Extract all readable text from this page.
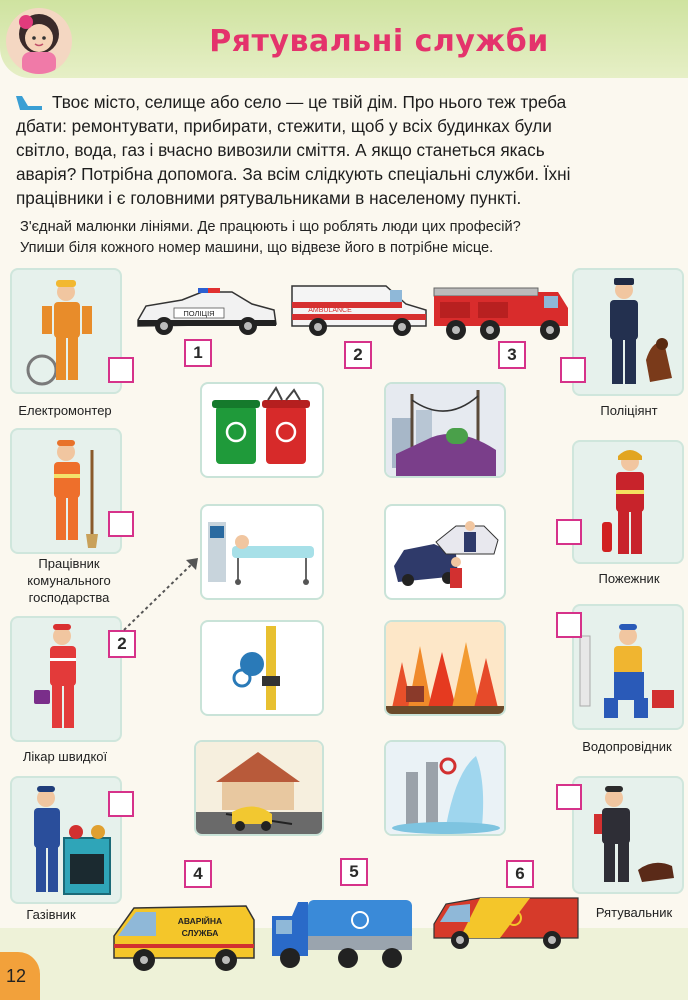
Рятувальні служби
Твоє місто, селище або село — це твій дім. Про нього теж треба
дбати: ремонтувати, прибирати, стежити, щоб у всіх будинках були
світло, вода, газ і вчасно вивозили сміття. А якщо станеться якась
аварія? Потрібна допомога. За всім слідкують спеціальні служби. Їхні
працівники і є головними рятувальниками в населеному пункті.

З'єднай малюнки лініями. Де працюють і що роблять люди цих професій?

Упиши біля кожного номер машини, що відвезе його в потрібне місце.

ПОЛІЦІЯ	AMBULANCE
1	2	3
Електромонтер
Працівник комунального господарства
2
Лікар швидкої
Газівник
Поліціянт
Пожежник
Водопровідник
Рятувальник
4	5	6
АВАРІЙНА
СЛУЖБА
12
